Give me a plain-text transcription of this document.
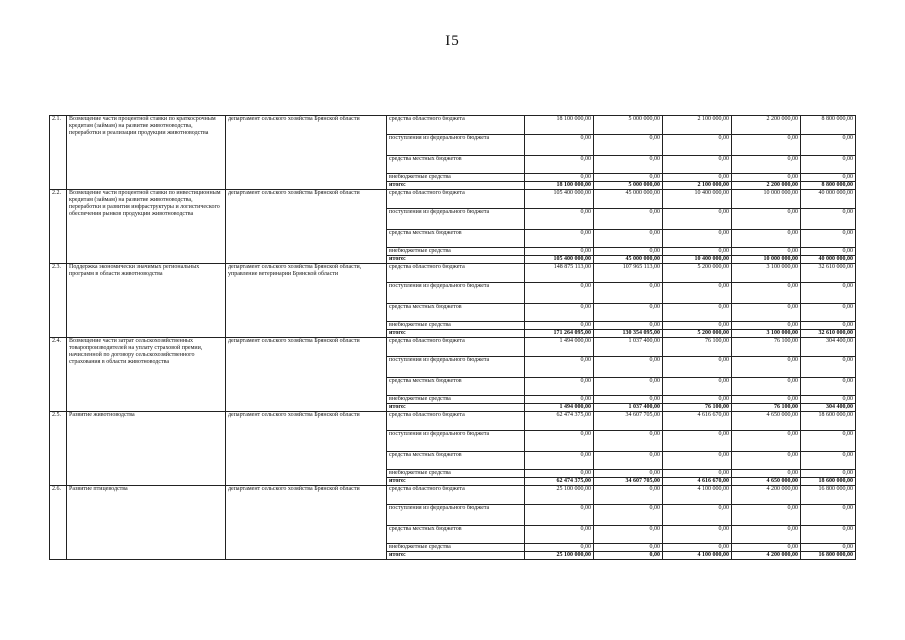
I5
2.1.	Возмещение части процентной ставки по краткосрочным кредитам (займам) на развитие животноводства, переработки и реализации продукции животноводства	департамент сельского хозяйства Брянской области	средства областного бюджета	18 100 000,00	5 000 000,00	2 100 000,00	2 200 000,00	8 800 000,00
			поступления из федерального бюджета	0,00	0,00	0,00	0,00	0,00
			средства местных бюджетов	0,00	0,00	0,00	0,00	0,00
			внебюджетные средства	0,00	0,00	0,00	0,00	0,00
			итого:	18 100 000,00	5 000 000,00	2 100 000,00	2 200 000,00	8 800 000,00
2.2.	Возмещение части процентной ставки по инвестиционным кредитам (займам) на развитие животноводства, переработки и развития инфраструктуры и логистического обеспечения рынков продукции животноводства	департамент сельского хозяйства Брянской области	средства областного бюджета	105 400 000,00	45 000 000,00	10 400 000,00	10 000 000,00	40 000 000,00
			поступления из федерального бюджета	0,00	0,00	0,00	0,00	0,00
			средства местных бюджетов	0,00	0,00	0,00	0,00	0,00
			внебюджетные средства	0,00	0,00	0,00	0,00	0,00
			итого:	105 400 000,00	45 000 000,00	10 400 000,00	10 000 000,00	40 000 000,00
2.3.	Поддержка экономически значимых региональных программ в области животноводства	департамент сельского хозяйства Брянской области, управление ветеринарии Брянской области	средства областного бюджета	148 875 113,00	107 965 113,00	5 200 000,00	3 100 000,00	32 610 000,00
			поступления из федерального бюджета	0,00	0,00	0,00	0,00	0,00
			средства местных бюджетов	0,00	0,00	0,00	0,00	0,00
			внебюджетные средства	0,00	0,00	0,00	0,00	0,00
			итого:	171 264 095,00	130 354 095,00	5 200 000,00	3 100 000,00	32 610 000,00
2.4.	Возмещение части затрат сельскохозяйственных товаропроизводителей на уплату страховой премии, начисленной по договору сельскохозяйственного страхования в области животноводства	департамент сельского хозяйства Брянской области	средства областного бюджета	1 494 000,00	1 037 400,00	76 100,00	76 100,00	304 400,00
			поступления из федерального бюджета	0,00	0,00	0,00	0,00	0,00
			средства местных бюджетов	0,00	0,00	0,00	0,00	0,00
			внебюджетные средства	0,00	0,00	0,00	0,00	0,00
			итого:	1 494 000,00	1 037 400,00	76 100,00	76 100,00	304 400,00
2.5.	Развитие животноводства	департамент сельского хозяйства Брянской области	средства областного бюджета	62 474 375,00	34 607 705,00	4 616 670,00	4 650 000,00	18 600 000,00
			поступления из федерального бюджета	0,00	0,00	0,00	0,00	0,00
			средства местных бюджетов	0,00	0,00	0,00	0,00	0,00
			внебюджетные средства	0,00	0,00	0,00	0,00	0,00
			итого:	62 474 375,00	34 607 705,00	4 616 670,00	4 650 000,00	18 600 000,00
2.6.	Развитие птицеводства	департамент сельского хозяйства Брянской области	средства областного бюджета	25 100 000,00	0,00	4 100 000,00	4 200 000,00	16 800 000,00
			поступления из федерального бюджета	0,00	0,00	0,00	0,00	0,00
			средства местных бюджетов	0,00	0,00	0,00	0,00	0,00
			внебюджетные средства	0,00	0,00	0,00	0,00	0,00
			итого:	25 100 000,00	0,00	4 100 000,00	4 200 000,00	16 800 000,00
